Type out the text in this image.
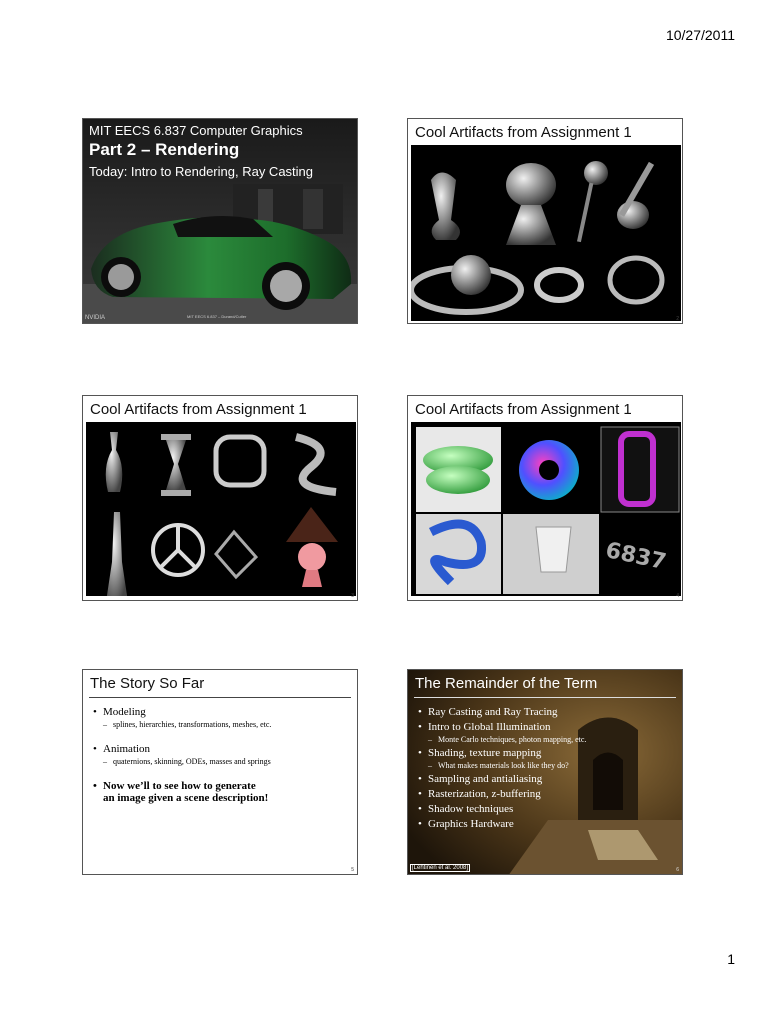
10/27/2011
MIT EECS 6.837 Computer Graphics
Part 2 – Rendering
Today: Intro to Rendering, Ray Casting
NVIDIA	MIT EECS 6.837 – Durand/Cutler
Cool Artifacts from Assignment 1
2
Cool Artifacts from Assignment 1
3
Cool Artifacts from Assignment 1
6837
4
The Story So Far

• Modeling

– splines, hierarchies, transformations, meshes, etc.

• Animation

– quaternions, skinning, ODEs, masses and springs

• Now we’ll to see how to generate

an image given a scene description!

5
The Remainder of the Term

• Ray Casting and Ray Tracing

• Intro to Global Illumination

– Monte Carlo techniques, photon mapping, etc.

• Shading, texture mapping

– What makes materials look like they do?

• Sampling and antialiasing

• Rasterization, z-buffering

• Shadow techniques

• Graphics Hardware

[Lehtinen et al. 2008]	6
1
